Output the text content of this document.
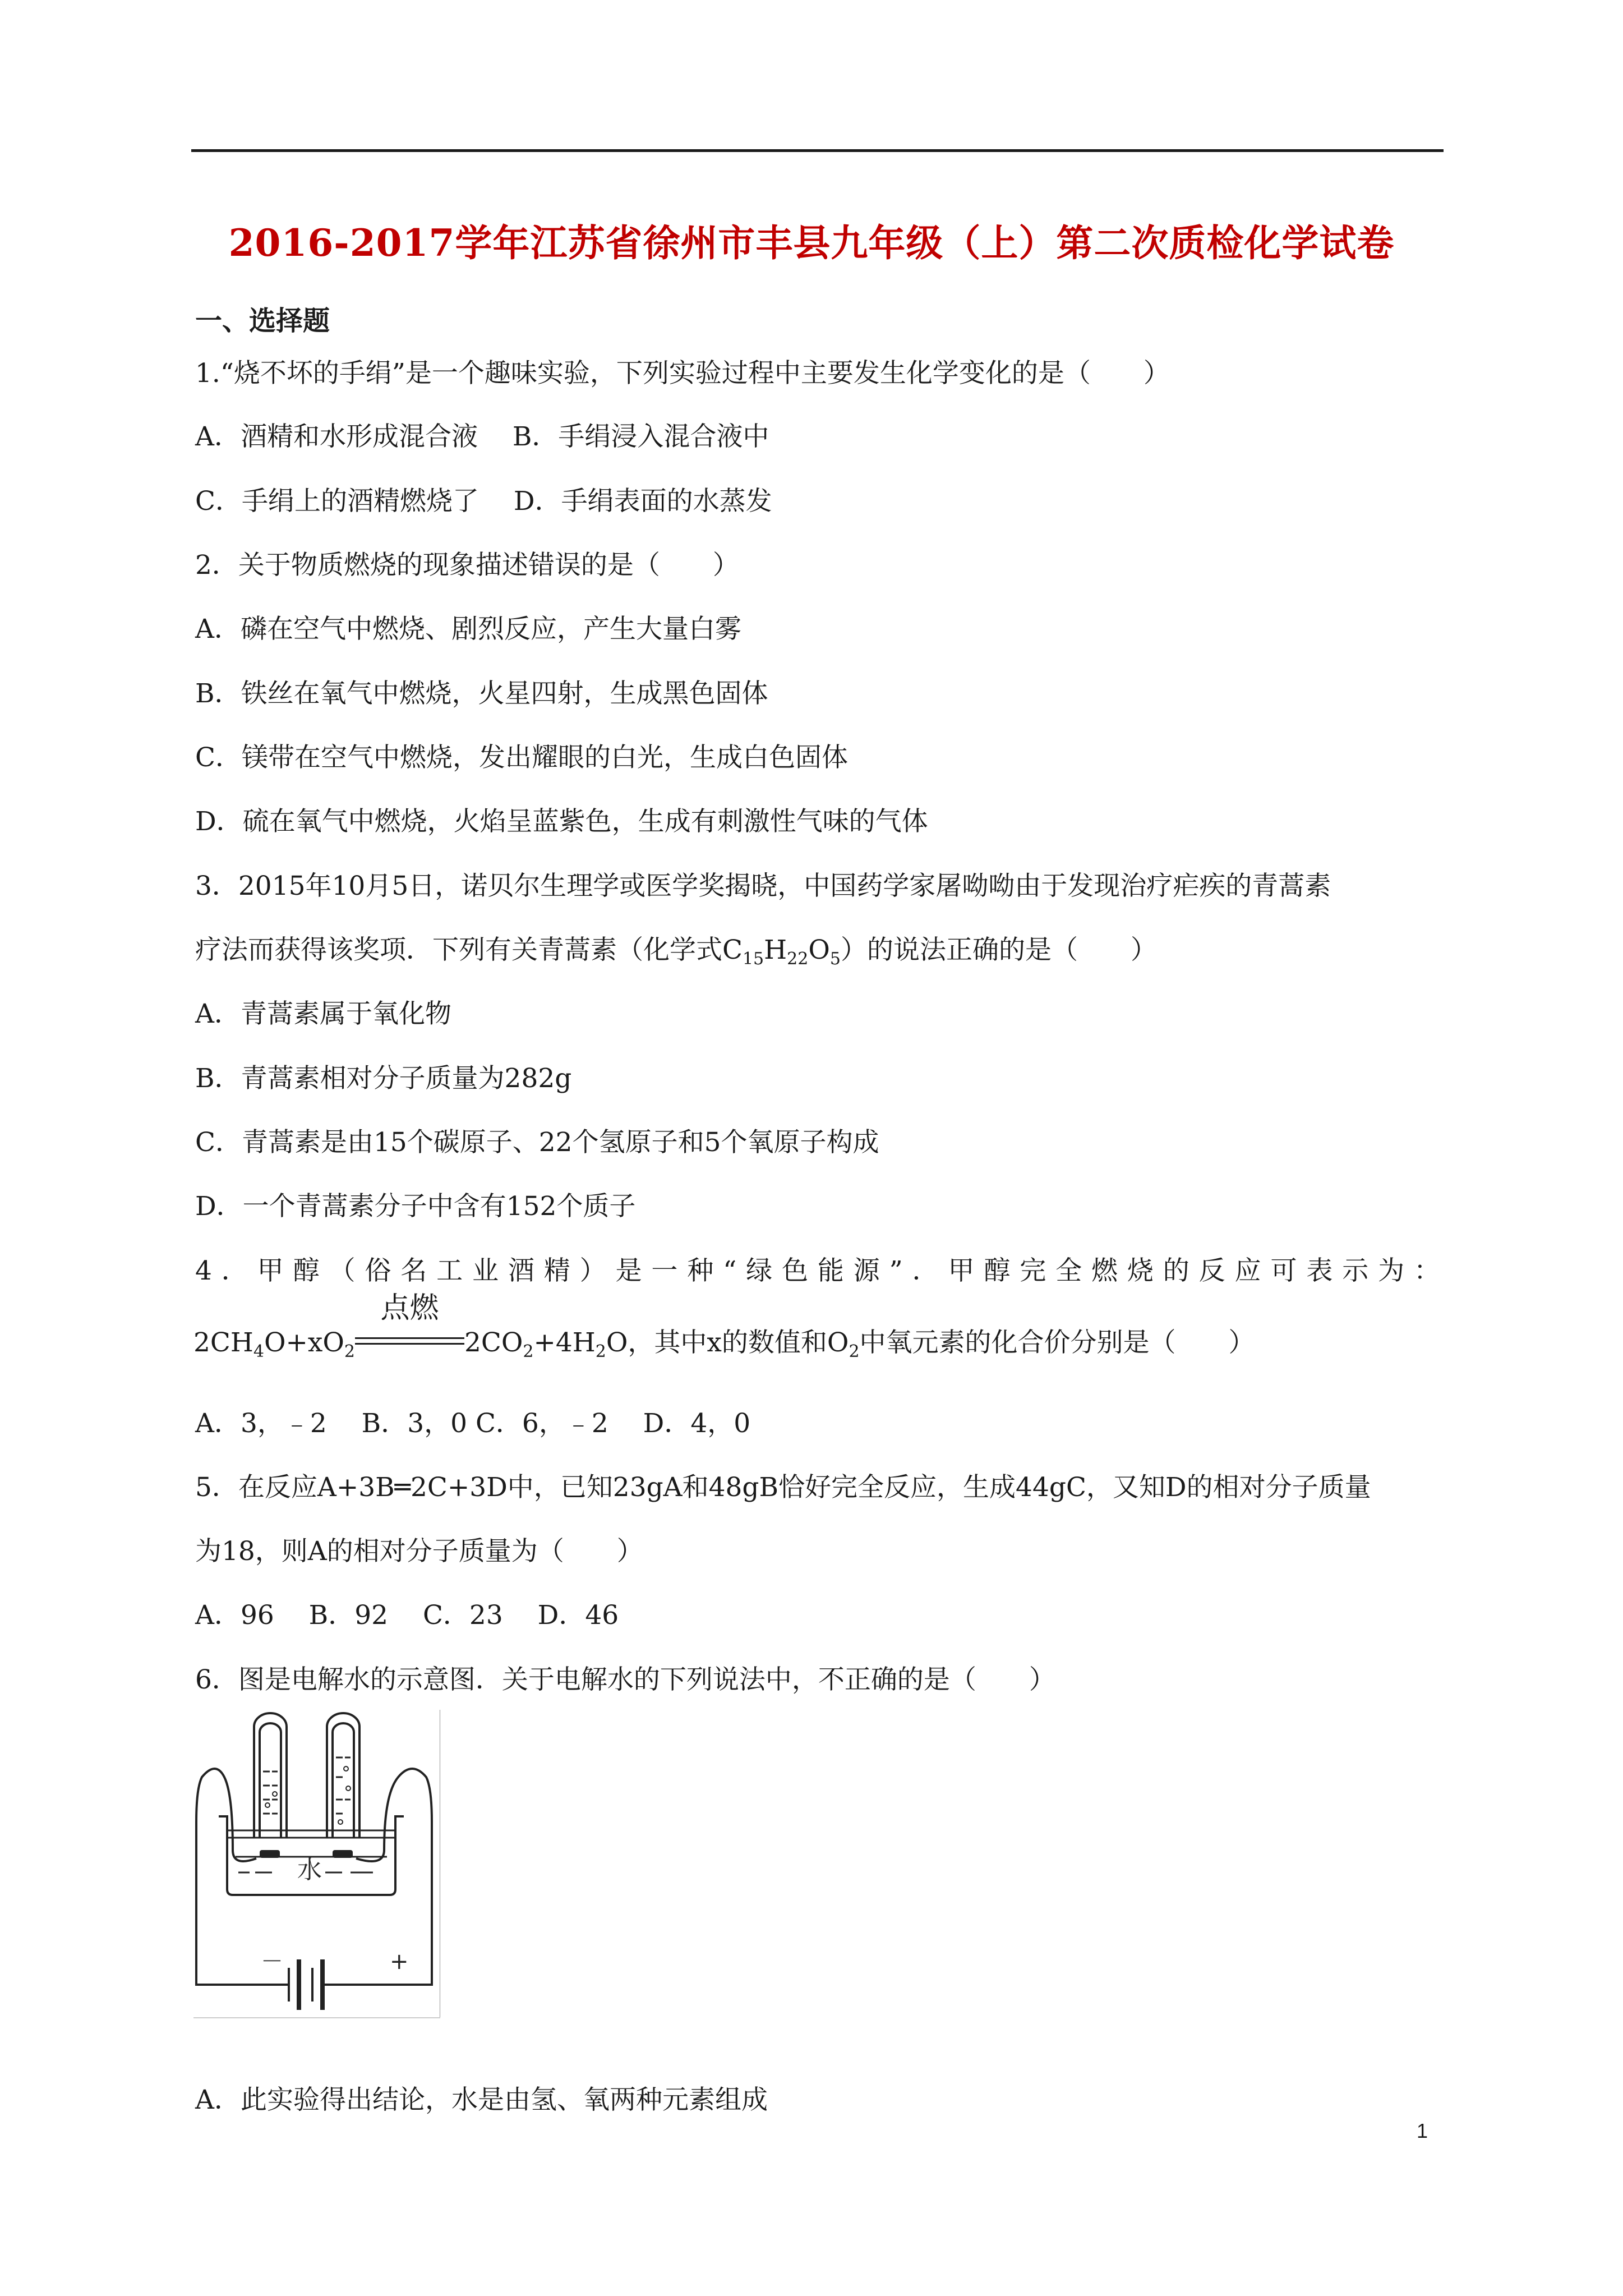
2016-2017学年江苏省徐州市丰县九年级（上）第二次质检化学试卷
一、选择题
1.“烧不坏的手绢”是一个趣味实验，下列实验过程中主要发生化学变化的是（　　）
A．酒精和水形成混合液　 B．手绢浸入混合液中
C．手绢上的酒精燃烧了　 D．手绢表面的水蒸发
2．关于物质燃烧的现象描述错误的是（　　）
A．磷在空气中燃烧、剧烈反应，产生大量白雾
B．铁丝在氧气中燃烧，火星四射，生成黑色固体
C．镁带在空气中燃烧，发出耀眼的白光，生成白色固体
D．硫在氧气中燃烧，火焰呈蓝紫色，生成有刺激性气味的气体
3．2015年10月5日，诺贝尔生理学或医学奖揭晓，中国药学家屠呦呦由于发现治疗疟疾的青蒿素
疗法而获得该奖项．下列有关青蒿素（化学式$C_{15}H_{22}O_5$）的说法正确的是（　　）
A．青蒿素属于氧化物
B．青蒿素相对分子质量为282g
C．青蒿素是由15个碳原子、22个氢原子和5个氧原子构成
D．一个青蒿素分子中含有152个质子
4．甲醇（俗名工业酒精）是一种“绿色能源”．甲醇完全燃烧的反应可表示为：
$2CH_4O+xO_2$
点燃
$2CO_2+4H_2O$，其中x的数值和$O_2$中氧元素的化合价分别是（　　）
A．3，﹣2　 B．3，0 C．6，﹣2　 D．4，0
5．在反应A+3B═2C+3D中，已知23gA和48gB恰好完全反应，生成44gC，又知D的相对分子质量
为18，则A的相对分子质量为（　　）
A．96　 B．92　 C．23　 D．46
6．图是电解水的示意图．关于电解水的下列说法中，不正确的是（　　）
水
－	+
A．此实验得出结论，水是由氢、氧两种元素组成
1
